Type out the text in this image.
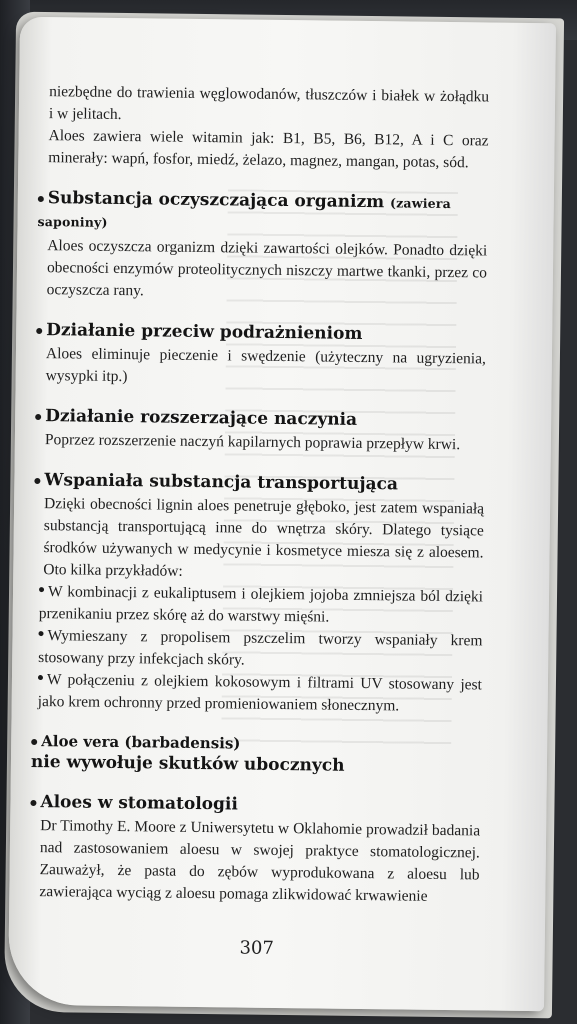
niezbędne do trawienia węglowodanów, tłuszczów i białek w żołądku i w jelitach.

Aloes zawiera wiele witamin jak: B1, B5, B6, B12, A i C oraz minerały: wapń, fosfor, miedź, żelazo, magnez, mangan, potas, sód.

Substancja oczyszczająca organizm (zawiera saponiny)

Aloes oczyszcza organizm dzięki zawartości olejków. Ponadto dzięki obecności enzymów proteolitycznych niszczy martwe tkanki, przez co oczyszcza rany.

Działanie przeciw podrażnieniom

Aloes eliminuje pieczenie i swędzenie (użyteczny na ugryzienia, wysypki itp.)

Działanie rozszerzające naczynia

Poprzez rozszerzenie naczyń kapilarnych poprawia przepływ krwi.

Wspaniała substancja transportująca

Dzięki obecności lignin aloes penetruje głęboko, jest zatem wspaniałą substancją transportującą inne do wnętrza skóry. Dlatego tysiące środków używanych w medycynie i kosmetyce miesza się z aloesem. Oto kilka przykładów:

W kombinacji z eukaliptusem i olejkiem jojoba zmniejsza ból dzięki przenikaniu przez skórę aż do warstwy mięśni.
Wymieszany z propolisem pszczelim tworzy wspaniały krem stosowany przy infekcjach skóry.
W połączeniu z olejkiem kokosowym i filtrami UV stosowany jest jako krem ochronny przed promieniowaniem słonecznym.
Aloe vera (barbadensis)
nie wywołuje skutków ubocznych
Aloes w stomatologii

Dr Timothy E. Moore z Uniwersytetu w Oklahomie prowadził badania nad zastosowaniem aloesu w swojej praktyce stomatologicznej. Zauważył, że pasta do zębów wyprodukowana z aloesu lub zawierająca wyciąg z aloesu pomaga zlikwidować krwawienie

307
